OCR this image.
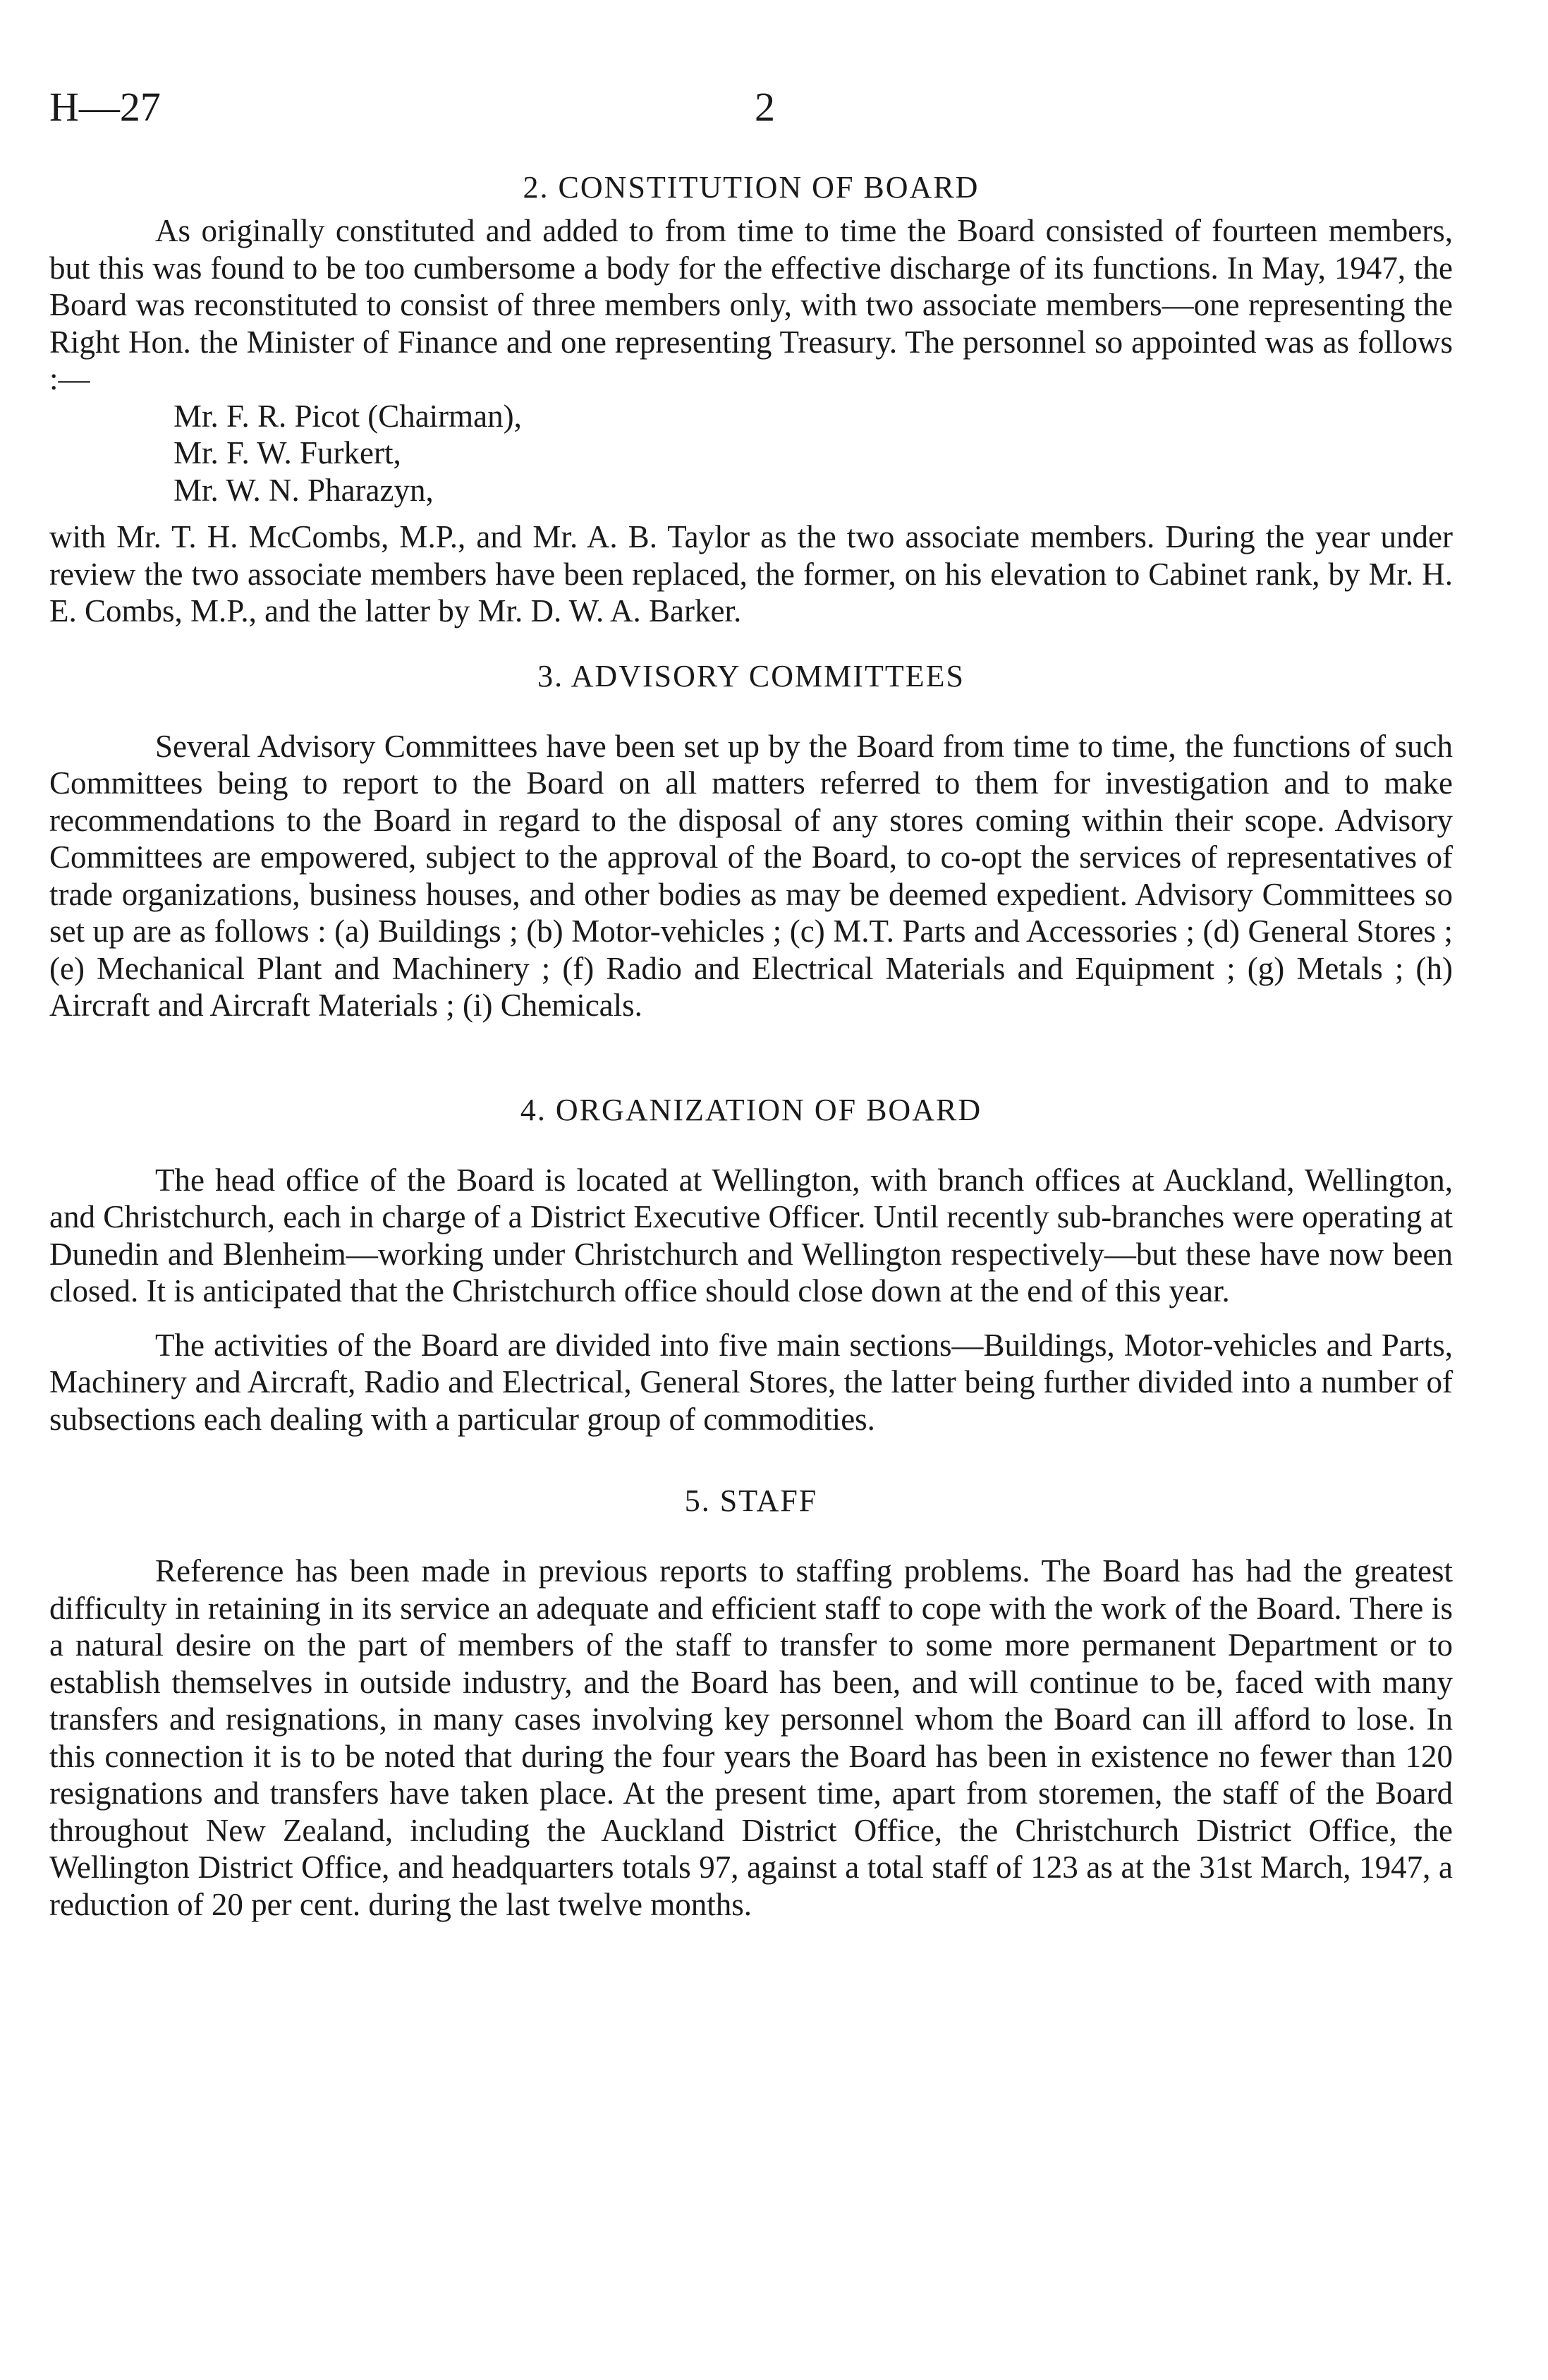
H—27	2
2. CONSTITUTION OF BOARD

As originally constituted and added to from time to time the Board consisted of fourteen members, but this was found to be too cumbersome a body for the effective discharge of its functions. In May, 1947, the Board was reconstituted to consist of three members only, with two associate members—one representing the Right Hon. the Minister of Finance and one representing Treasury. The personnel so appointed was as follows :—

Mr. F. R. Picot (Chairman),
Mr. F. W. Furkert,
Mr. W. N. Pharazyn,

with Mr. T. H. McCombs, M.P., and Mr. A. B. Taylor as the two associate members. During the year under review the two associate members have been replaced, the former, on his elevation to Cabinet rank, by Mr. H. E. Combs, M.P., and the latter by Mr. D. W. A. Barker.

3. ADVISORY COMMITTEES

Several Advisory Committees have been set up by the Board from time to time, the functions of such Committees being to report to the Board on all matters referred to them for investigation and to make recommendations to the Board in regard to the disposal of any stores coming within their scope. Advisory Committees are empowered, subject to the approval of the Board, to co-opt the services of representatives of trade organizations, business houses, and other bodies as may be deemed expedient. Advisory Committees so set up are as follows : (a) Buildings ; (b) Motor-vehicles ; (c) M.T. Parts and Accessories ; (d) General Stores ; (e) Mechanical Plant and Machinery ; (f) Radio and Electrical Materials and Equipment ; (g) Metals ; (h) Aircraft and Aircraft Materials ; (i) Chemicals.

4. ORGANIZATION OF BOARD

The head office of the Board is located at Wellington, with branch offices at Auckland, Wellington, and Christchurch, each in charge of a District Executive Officer. Until recently sub-branches were operating at Dunedin and Blenheim—working under Christchurch and Wellington respectively—but these have now been closed. It is anticipated that the Christchurch office should close down at the end of this year.

The activities of the Board are divided into five main sections—Buildings, Motor-vehicles and Parts, Machinery and Aircraft, Radio and Electrical, General Stores, the latter being further divided into a number of subsections each dealing with a particular group of commodities.

5. STAFF

Reference has been made in previous reports to staffing problems. The Board has had the greatest difficulty in retaining in its service an adequate and efficient staff to cope with the work of the Board. There is a natural desire on the part of members of the staff to transfer to some more permanent Department or to establish themselves in outside industry, and the Board has been, and will continue to be, faced with many transfers and resignations, in many cases involving key personnel whom the Board can ill afford to lose. In this connection it is to be noted that during the four years the Board has been in existence no fewer than 120 resignations and transfers have taken place. At the present time, apart from storemen, the staff of the Board throughout New Zealand, including the Auckland District Office, the Christchurch District Office, the Wellington District Office, and headquarters totals 97, against a total staff of 123 as at the 31st March, 1947, a reduction of 20 per cent. during the last twelve months.
